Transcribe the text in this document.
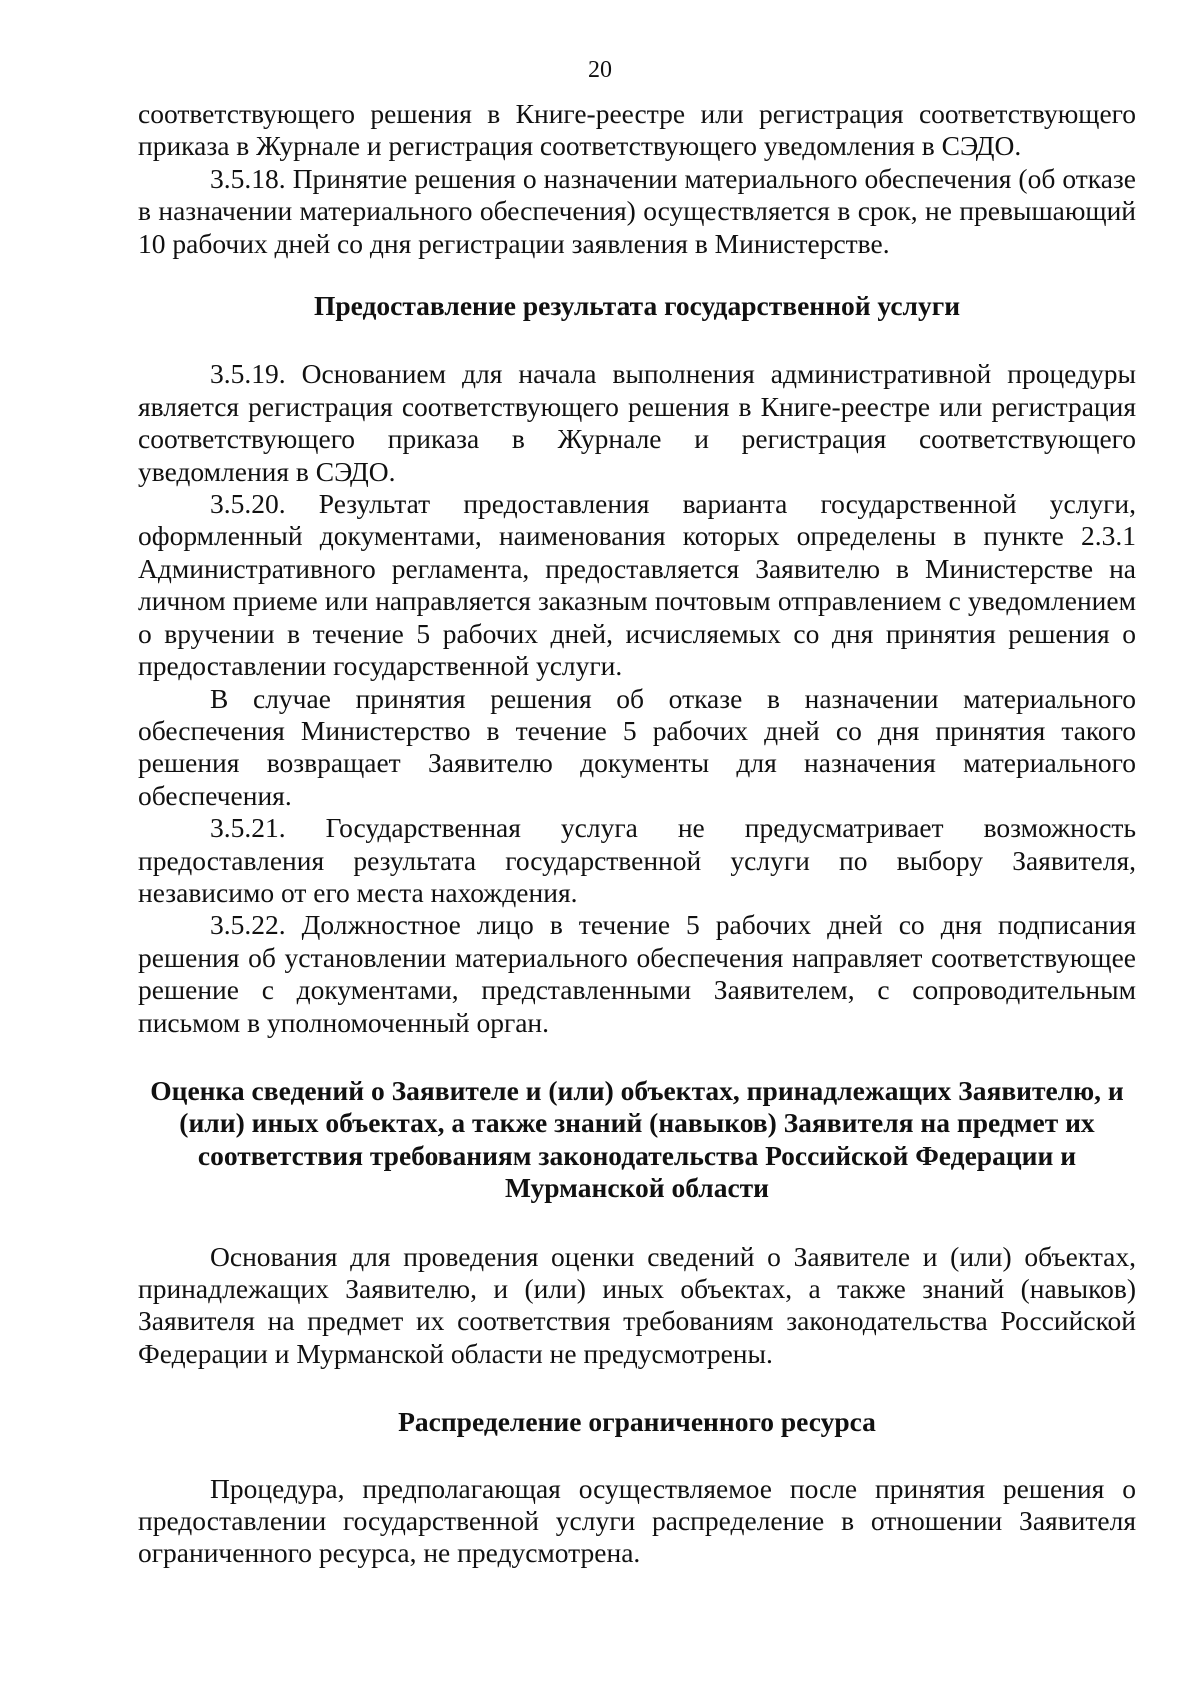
20

соответствующего решения в Книге-реестре или регистрация соответствующего приказа в Журнале и регистрация соответствующего уведомления в СЭДО.

3.5.18. Принятие решения о назначении материального обеспечения (об отказе в назначении материального обеспечения) осуществляется в срок, не превышающий 10 рабочих дней со дня регистрации заявления в Министерстве.

Предоставление результата государственной услуги

3.5.19. Основанием для начала выполнения административной процедуры является регистрация соответствующего решения в Книге-реестре или регистрация соответствующего приказа в Журнале и регистрация соответствующего уведомления в СЭДО.

3.5.20. Результат предоставления варианта государственной услуги, оформленный документами, наименования которых определены в пункте 2.3.1 Административного регламента, предоставляется Заявителю в Министерстве на личном приеме или направляется заказным почтовым отправлением с уведомлением о вручении в течение 5 рабочих дней, исчисляемых со дня принятия решения о предоставлении государственной услуги.

В случае принятия решения об отказе в назначении материального обеспечения Министерство в течение 5 рабочих дней со дня принятия такого решения возвращает Заявителю документы для назначения материального обеспечения.

3.5.21. Государственная услуга не предусматривает возможность предоставления результата государственной услуги по выбору Заявителя, независимо от его места нахождения.

3.5.22. Должностное лицо в течение 5 рабочих дней со дня подписания решения об установлении материального обеспечения направляет соответствующее решение с документами, представленными Заявителем, с сопроводительным письмом в уполномоченный орган.

Оценка сведений о Заявителе и (или) объектах, принадлежащих Заявителю, и (или) иных объектах, а также знаний (навыков) Заявителя на предмет их соответствия требованиям законодательства Российской Федерации и Мурманской области

Основания для проведения оценки сведений о Заявителе и (или) объектах, принадлежащих Заявителю, и (или) иных объектах, а также знаний (навыков) Заявителя на предмет их соответствия требованиям законодательства Российской Федерации и Мурманской области не предусмотрены.

Распределение ограниченного ресурса

Процедура, предполагающая осуществляемое после принятия решения о предоставлении государственной услуги распределение в отношении Заявителя ограниченного ресурса, не предусмотрена.
